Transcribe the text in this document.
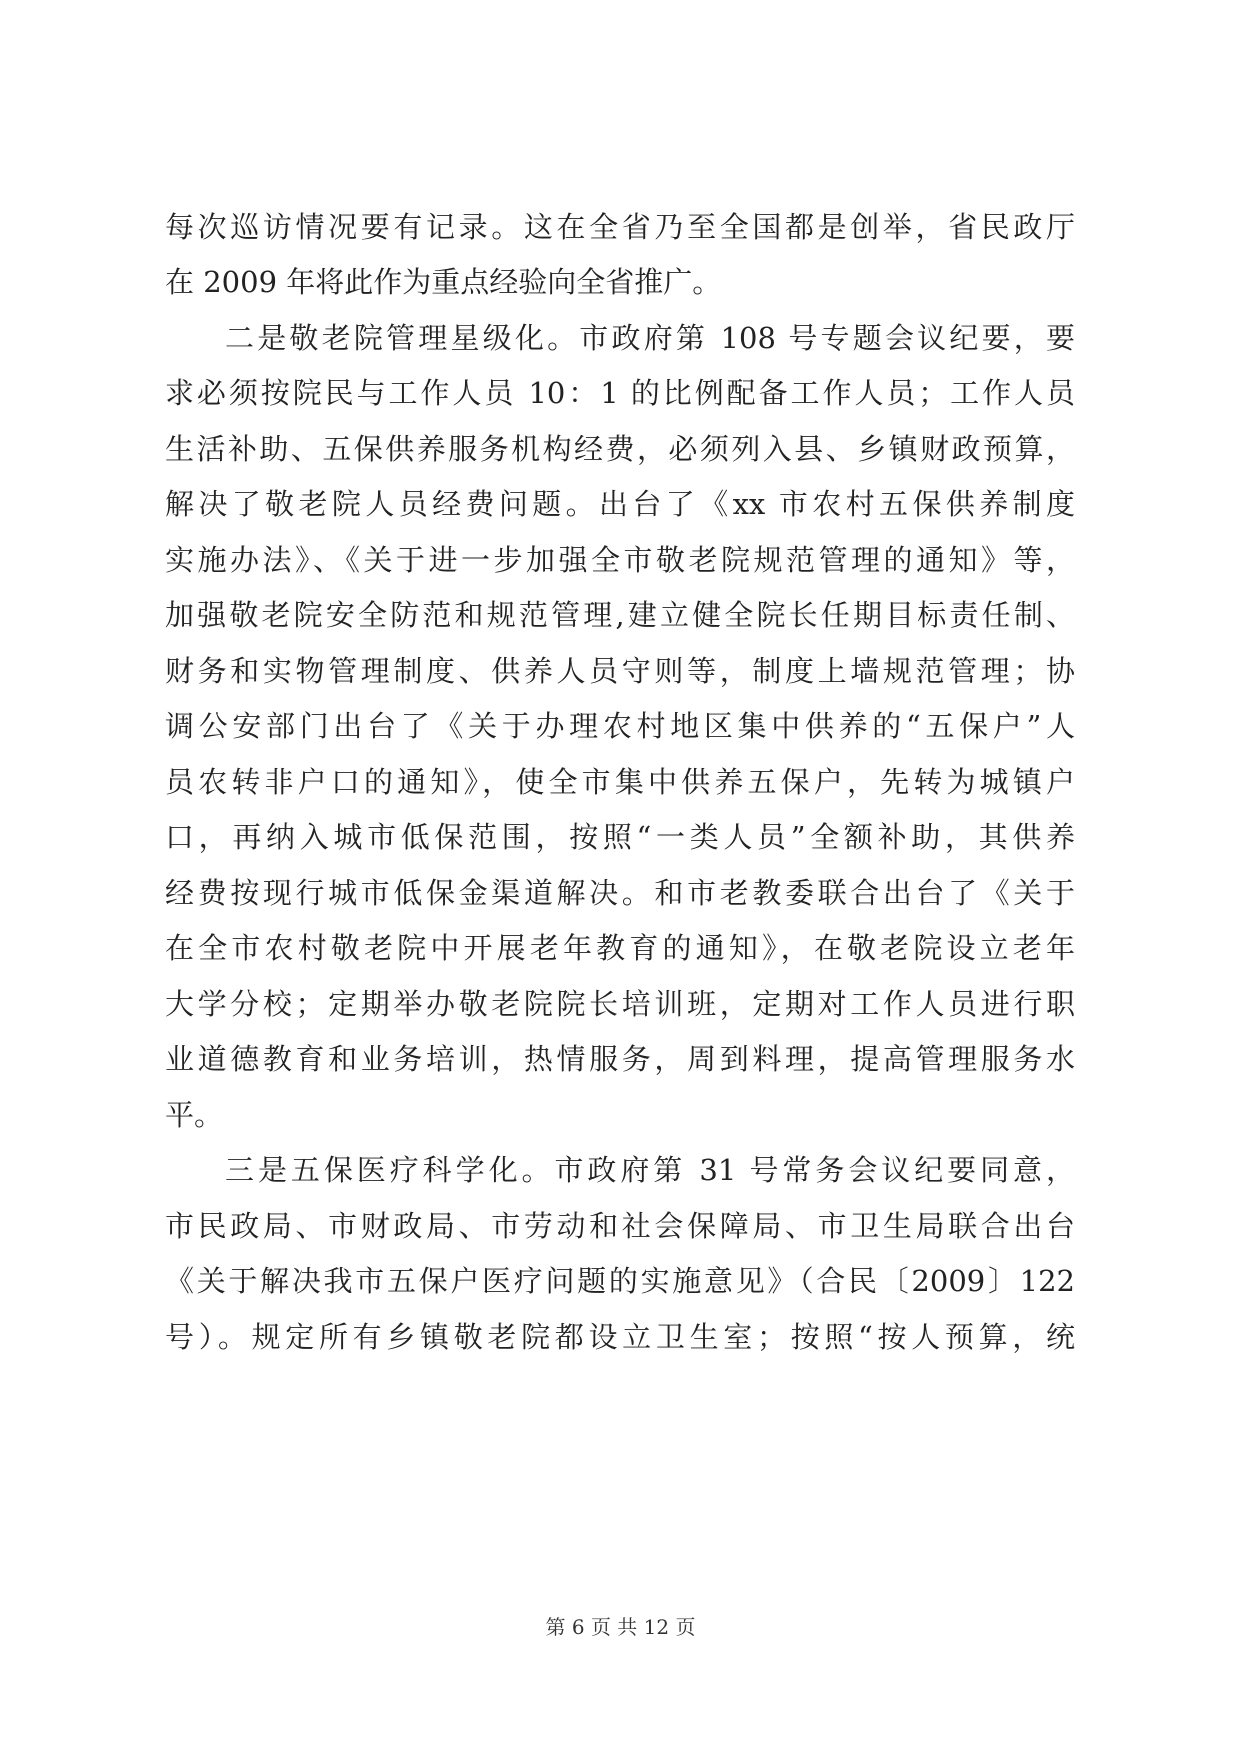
每次巡访情况要有记录。这在全省乃至全国都是创举，省民政厅
在 2009 年将此作为重点经验向全省推广。
二是敬老院管理星级化。市政府第 108 号专题会议纪要，要
求必须按院民与工作人员 10：1 的比例配备工作人员；工作人员
生活补助、五保供养服务机构经费，必须列入县、乡镇财政预算，
解决了敬老院人员经费问题。出台了《xx 市农村五保供养制度
实施办法》、《关于进一步加强全市敬老院规范管理的通知》等，
加强敬老院安全防范和规范管理,建立健全院长任期目标责任制、
财务和实物管理制度、供养人员守则等，制度上墙规范管理；协
调公安部门出台了《关于办理农村地区集中供养的“五保户”人
员农转非户口的通知》，使全市集中供养五保户，先转为城镇户
口，再纳入城市低保范围，按照“一类人员”全额补助，其供养
经费按现行城市低保金渠道解决。和市老教委联合出台了《关于
在全市农村敬老院中开展老年教育的通知》，在敬老院设立老年
大学分校；定期举办敬老院院长培训班，定期对工作人员进行职
业道德教育和业务培训，热情服务，周到料理，提高管理服务水
平。
三是五保医疗科学化。市政府第 31 号常务会议纪要同意，
市民政局、市财政局、市劳动和社会保障局、市卫生局联合出台
《关于解决我市五保户医疗问题的实施意见》（合民〔2009〕122
号）。规定所有乡镇敬老院都设立卫生室；按照“按人预算，统
第 6 页 共 12 页
